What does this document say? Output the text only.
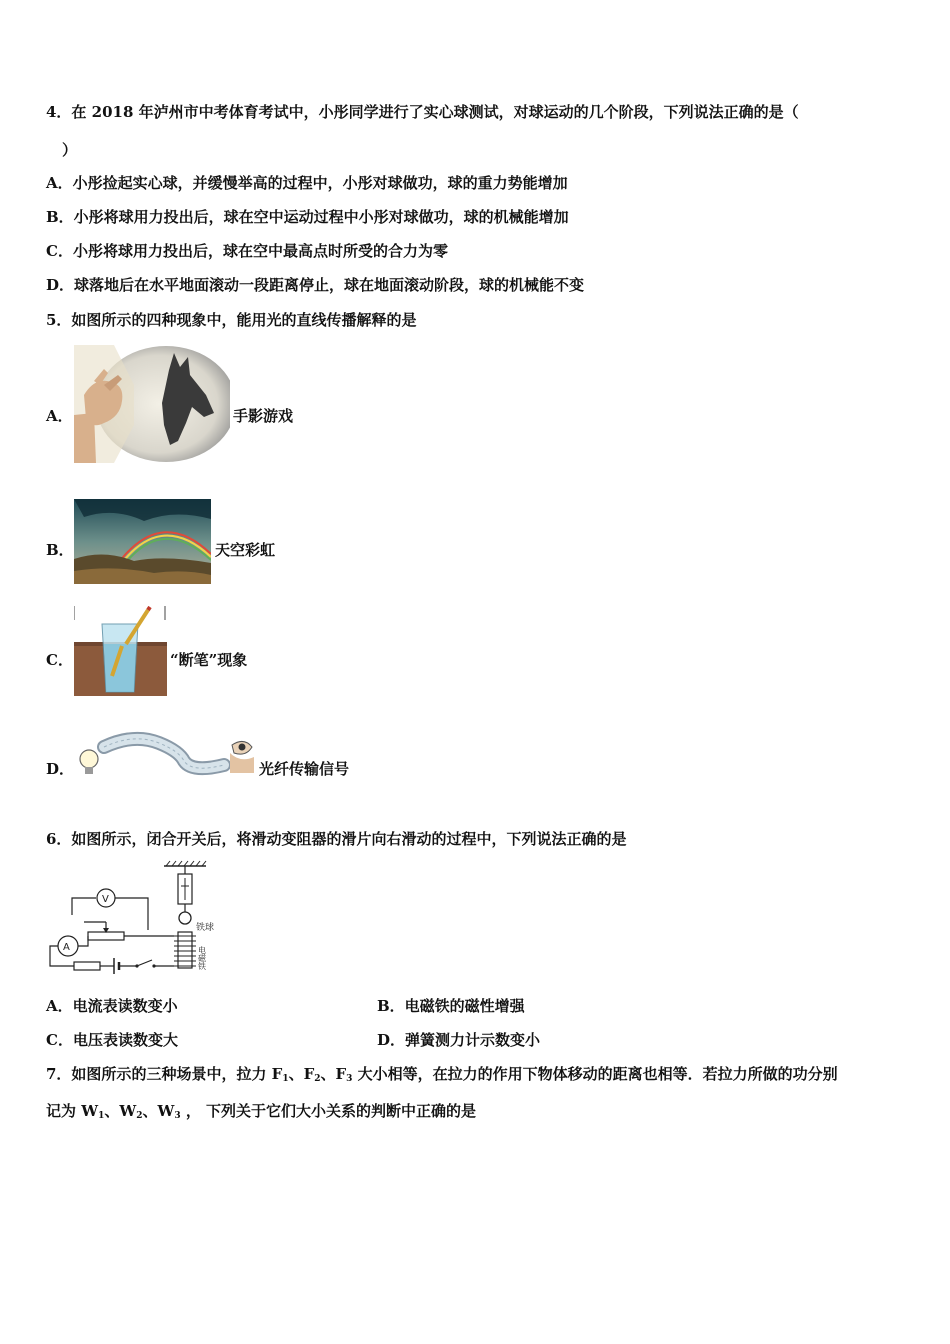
4．在 2018 年泸州市中考体育考试中，小彤同学进行了实心球测试，对球运动的几个阶段，下列说法正确的是（
）
A．小彤捡起实心球，并缓慢举高的过程中，小彤对球做功，球的重力势能增加
B．小彤将球用力投出后，球在空中运动过程中小彤对球做功，球的机械能增加
C．小彤将球用力投出后，球在空中最高点时所受的合力为零
D．球落地后在水平地面滚动一段距离停止，球在地面滚动阶段，球的机械能不变
5．如图所示的四种现象中，能用光的直线传播解释的是
A．	手影游戏
B．	天空彩虹
C．	“断笔”现象
D．	光纤传输信号
6．如图所示，闭合开关后，将滑动变阻器的滑片向右滑动的过程中，下列说法正确的是
铁球
电磁铁
V
A
A．电流表读数变小	B．电磁铁的磁性增强
C．电压表读数变大	D．弹簧测力计示数变小
7．如图所示的三种场景中，拉力 $F_1$、$F_2$、$F_3$ 大小相等，在拉力的作用下物体移动的距离也相等．若拉力所做的功分别
记为 $W_1$、$W_2$、$W_3$ ， 下列关于它们大小关系的判断中正确的是
